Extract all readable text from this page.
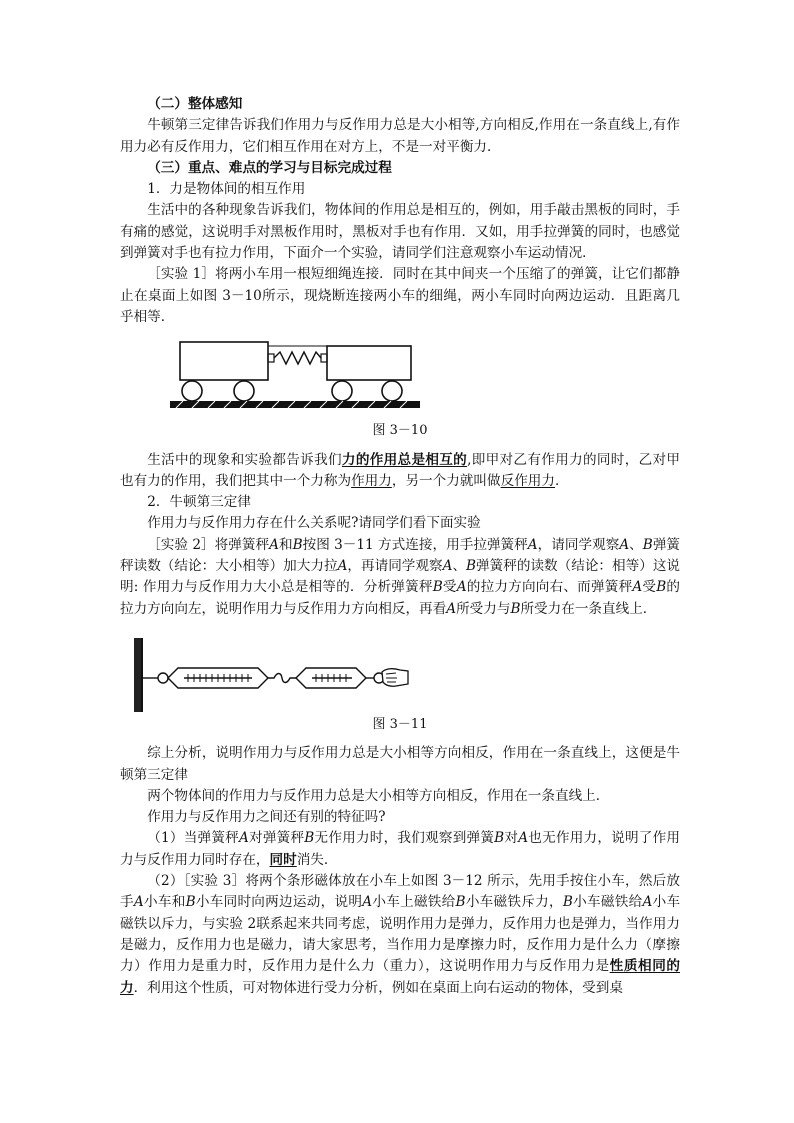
（二）整体感知

牛顿第三定律告诉我们作用力与反作用力总是大小相等,方向相反,作用在一条直线上,有作用力必有反作用力，它们相互作用在对方上，不是一对平衡力．

（三）重点、难点的学习与目标完成过程

1．力是物体间的相互作用

生活中的各种现象告诉我们，物体间的作用总是相互的，例如，用手敲击黑板的同时，手有痛的感觉，这说明手对黑板作用时，黑板对手也有作用．又如，用手拉弹簧的同时，也感觉到弹簧对手也有拉力作用，下面介一个实验，请同学们注意观察小车运动情况．

［实验 1］将两小车用一根短细绳连接．同时在其中间夹一个压缩了的弹簧，让它们都静止在桌面上如图 3－10所示，现烧断连接两小车的细绳，两小车同时向两边运动．且距离几乎相等．

图 3－10

生活中的现象和实验都告诉我们力的作用总是相互的,即甲对乙有作用力的同时，乙对甲也有力的作用，我们把其中一个力称为作用力，另一个力就叫做反作用力．

2．牛顿第三定律

作用力与反作用力存在什么关系呢?请同学们看下面实验

［实验 2］将弹簧秤A和B按图 3－11 方式连接，用手拉弹簧秤A，请同学观察A、B弹簧秤读数（结论：大小相等）加大力拉A，再请同学观察A、B弹簧秤的读数（结论：相等）这说明: 作用力与反作用力大小总是相等的．分析弹簧秤B受A的拉力方向向右、而弹簧秤A受B的拉力方向向左，说明作用力与反作用力方向相反，再看A所受力与B所受力在一条直线上．

图 3－11

综上分析，说明作用力与反作用力总是大小相等方向相反，作用在一条直线上，这便是牛顿第三定律

两个物体间的作用力与反作用力总是大小相等方向相反，作用在一条直线上．

作用力与反作用力之间还有别的特征吗?

（1）当弹簧秤A对弹簧秤B无作用力时，我们观察到弹簧B对A也无作用力，说明了作用力与反作用力同时存在，同时消失．

（2）［实验 3］将两个条形磁体放在小车上如图 3－12 所示，先用手按住小车，然后放手A小车和B小车同时向两边运动，说明A小车上磁铁给B小车磁铁斥力，B小车磁铁给A小车磁铁以斥力，与实验 2联系起来共同考虑，说明作用力是弹力，反作用力也是弹力，当作用力是磁力，反作用力也是磁力，请大家思考，当作用力是摩擦力时，反作用力是什么力（摩擦力）作用力是重力时，反作用力是什么力（重力），这说明作用力与反作用力是性质相同的力．利用这个性质，可对物体进行受力分析，例如在桌面上向右运动的物体，受到桌
